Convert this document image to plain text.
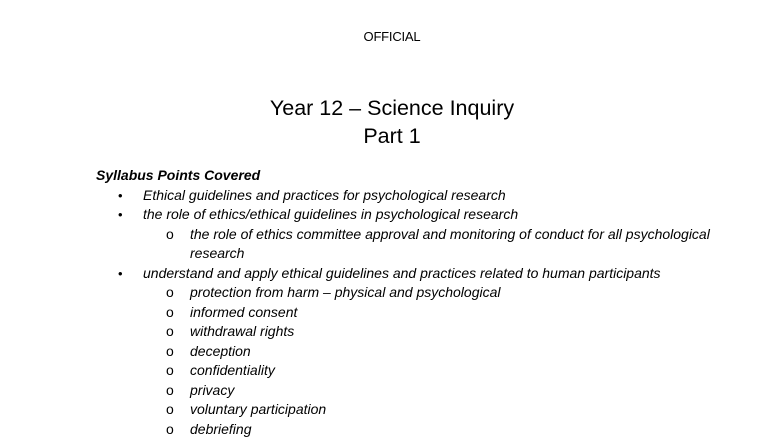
OFFICIAL
Year 12 – Science Inquiry
Part 1
Syllabus Points Covered
• Ethical guidelines and practices for psychological research
• the role of ethics/ethical guidelines in psychological research
o the role of ethics committee approval and monitoring of conduct for all psychological research
• understand and apply ethical guidelines and practices related to human participants
o protection from harm – physical and psychological
o informed consent
o withdrawal rights
o deception
o confidentiality
o privacy
o voluntary participation
o debriefing
